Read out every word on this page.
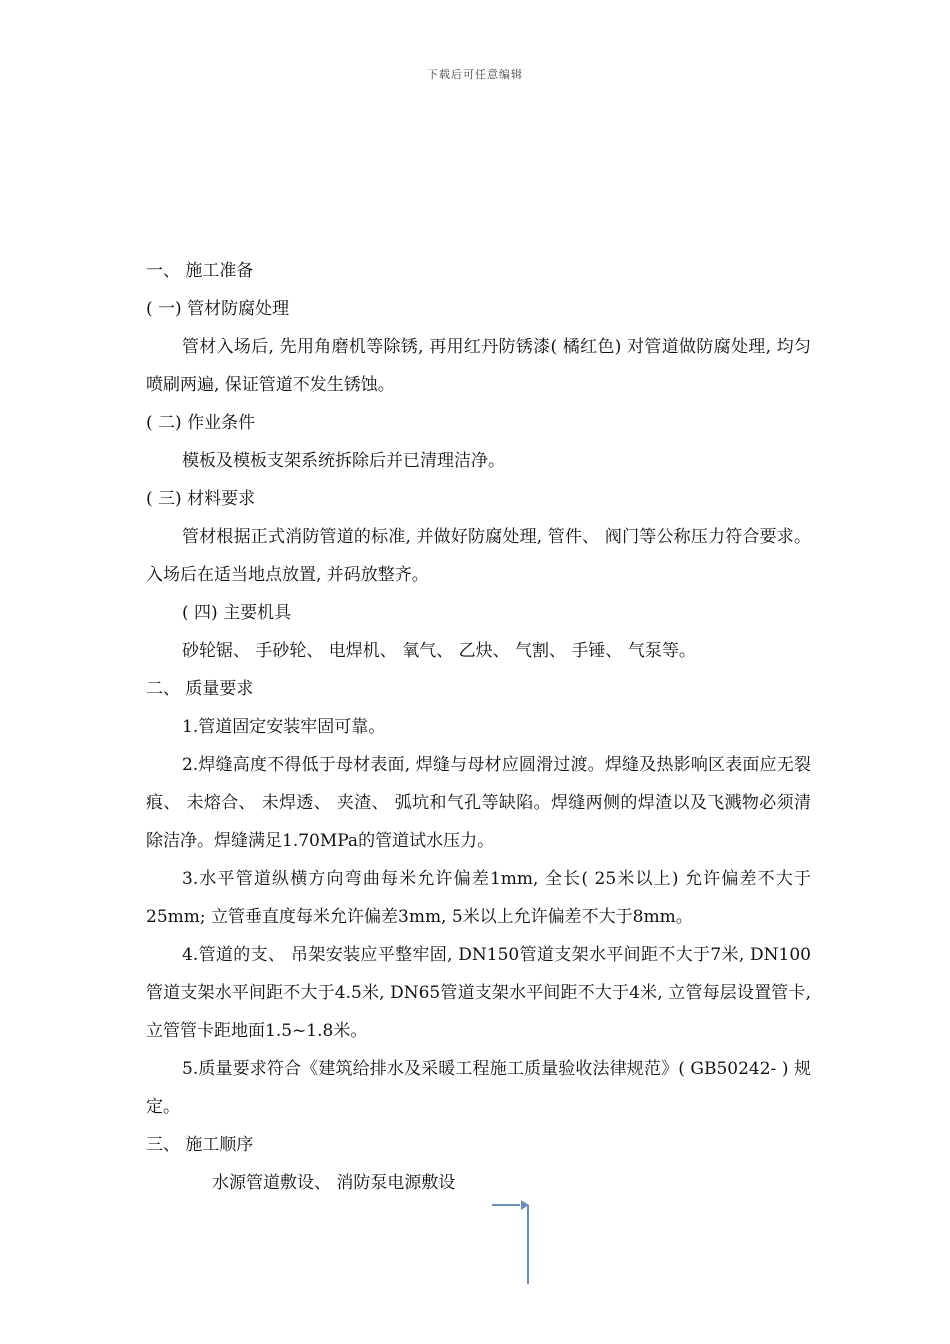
下载后可任意编辑
一、 施工准备
( 一) 管材防腐处理
管材入场后, 先用角磨机等除锈, 再用红丹防锈漆( 橘红色) 对管道做防腐处理, 均匀喷刷两遍, 保证管道不发生锈蚀。
( 二) 作业条件
模板及模板支架系统拆除后并已清理洁净。
( 三) 材料要求
管材根据正式消防管道的标准, 并做好防腐处理, 管件、 阀门等公称压力符合要求。入场后在适当地点放置, 并码放整齐。
( 四) 主要机具
砂轮锯、 手砂轮、 电焊机、 氧气、 乙炔、 气割、 手锤、 气泵等。
二、 质量要求
1.管道固定安装牢固可靠。
2.焊缝高度不得低于母材表面, 焊缝与母材应圆滑过渡。焊缝及热影响区表面应无裂痕、 未熔合、 未焊透、 夹渣、 弧坑和气孔等缺陷。焊缝两侧的焊渣以及飞溅物必须清除洁净。焊缝满足1.70MPa的管道试水压力。
3.水平管道纵横方向弯曲每米允许偏差1mm, 全长( 25米以上) 允许偏差不大于25mm; 立管垂直度每米允许偏差3mm, 5米以上允许偏差不大于8mm。
4.管道的支、 吊架安装应平整牢固, DN150管道支架水平间距不大于7米, DN100管道支架水平间距不大于4.5米, DN65管道支架水平间距不大于4米, 立管每层设置管卡, 立管管卡距地面1.5~1.8米。
5.质量要求符合《建筑给排水及采暖工程施工质量验收法律规范》( GB50242- ) 规定。
三、 施工顺序
水源管道敷设、 消防泵电源敷设
